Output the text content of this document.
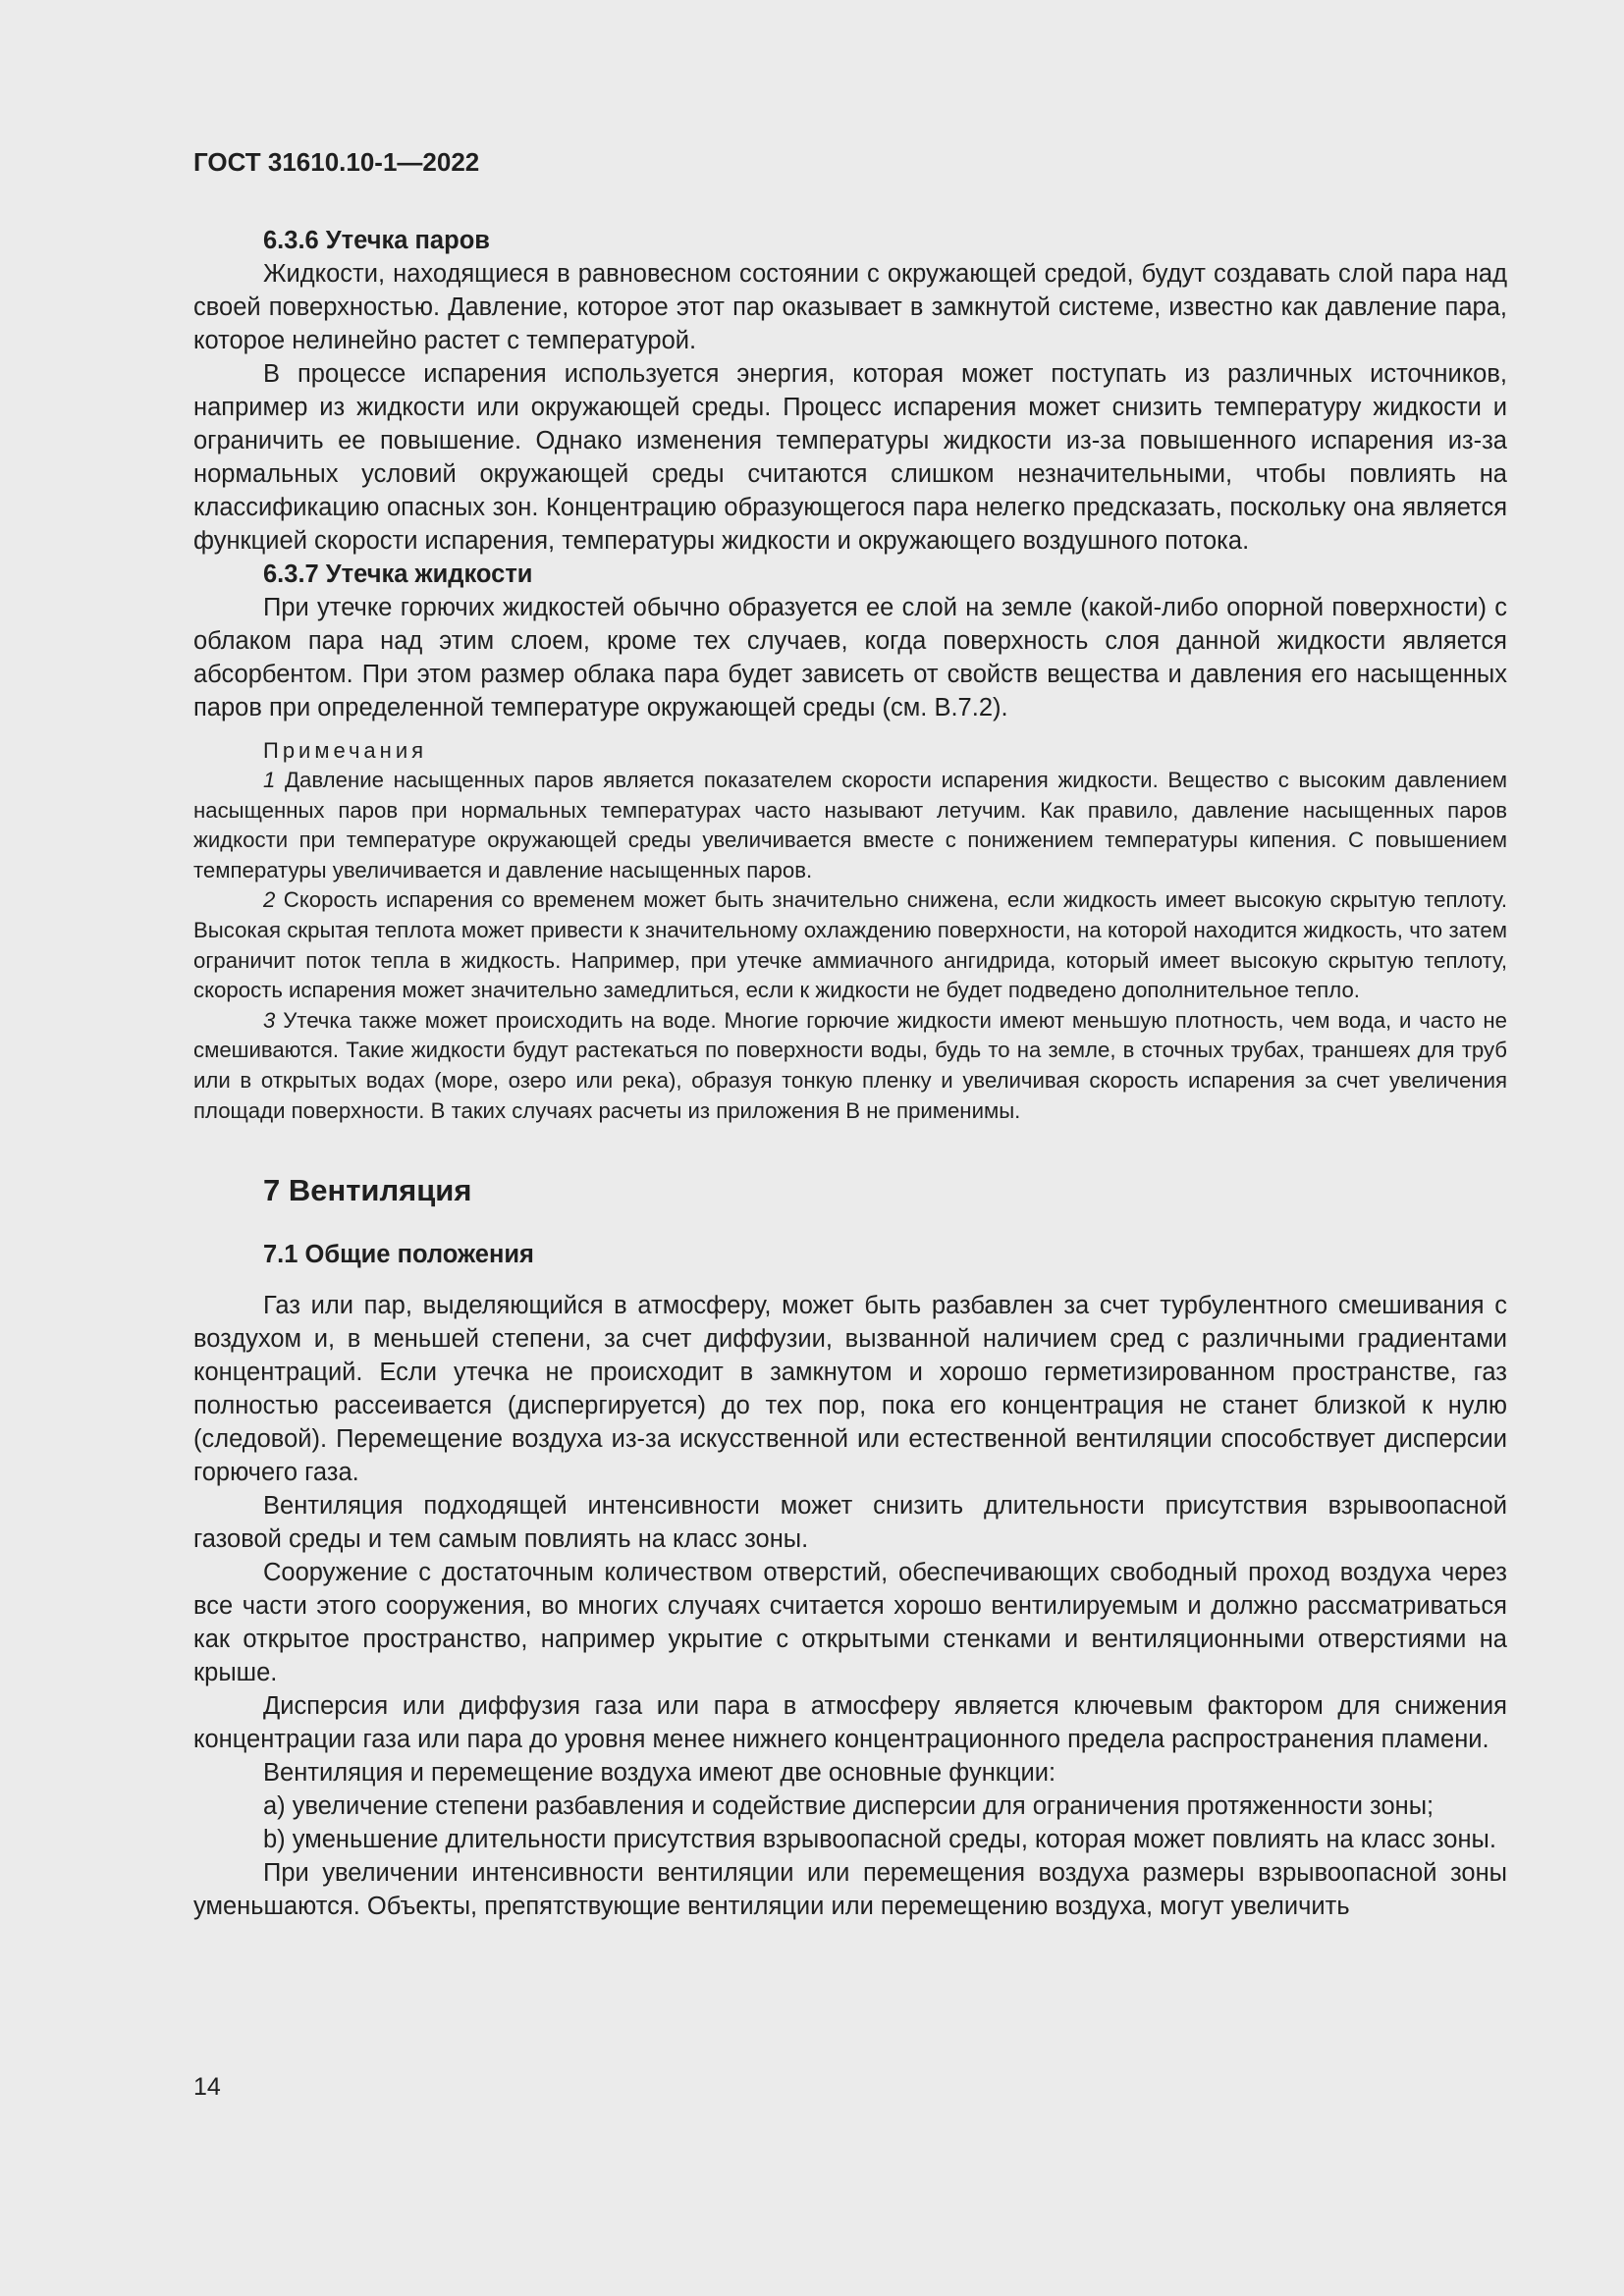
ГОСТ 31610.10-1—2022

6.3.6 Утечка паров

Жидкости, находящиеся в равновесном состоянии с окружающей средой, будут создавать слой пара над своей поверхностью. Давление, которое этот пар оказывает в замкнутой системе, известно как давление пара, которое нелинейно растет с температурой.

В процессе испарения используется энергия, которая может поступать из различных источников, например из жидкости или окружающей среды. Процесс испарения может снизить температуру жидкости и ограничить ее повышение. Однако изменения температуры жидкости из-за повышенного испарения из-за нормальных условий окружающей среды считаются слишком незначительными, чтобы повлиять на классификацию опасных зон. Концентрацию образующегося пара нелегко предсказать, поскольку она является функцией скорости испарения, температуры жидкости и окружающего воздушного потока.

6.3.7 Утечка жидкости

При утечке горючих жидкостей обычно образуется ее слой на земле (какой-либо опорной поверхности) с облаком пара над этим слоем, кроме тех случаев, когда поверхность слоя данной жидкости является абсорбентом. При этом размер облака пара будет зависеть от свойств вещества и давления его насыщенных паров при определенной температуре окружающей среды (см. В.7.2).

Примечания

1 Давление насыщенных паров является показателем скорости испарения жидкости. Вещество с высоким давлением насыщенных паров при нормальных температурах часто называют летучим. Как правило, давление насыщенных паров жидкости при температуре окружающей среды увеличивается вместе с понижением температуры кипения. С повышением температуры увеличивается и давление насыщенных паров.

2 Скорость испарения со временем может быть значительно снижена, если жидкость имеет высокую скрытую теплоту. Высокая скрытая теплота может привести к значительному охлаждению поверхности, на которой находится жидкость, что затем ограничит поток тепла в жидкость. Например, при утечке аммиачного ангидрида, который имеет высокую скрытую теплоту, скорость испарения может значительно замедлиться, если к жидкости не будет подведено дополнительное тепло.

3 Утечка также может происходить на воде. Многие горючие жидкости имеют меньшую плотность, чем вода, и часто не смешиваются. Такие жидкости будут растекаться по поверхности воды, будь то на земле, в сточных трубах, траншеях для труб или в открытых водах (море, озеро или река), образуя тонкую пленку и увеличивая скорость испарения за счет увеличения площади поверхности. В таких случаях расчеты из приложения В не применимы.

7 Вентиляция

7.1 Общие положения

Газ или пар, выделяющийся в атмосферу, может быть разбавлен за счет турбулентного смешивания с воздухом и, в меньшей степени, за счет диффузии, вызванной наличием сред с различными градиентами концентраций. Если утечка не происходит в замкнутом и хорошо герметизированном пространстве, газ полностью рассеивается (диспергируется) до тех пор, пока его концентрация не станет близкой к нулю (следовой). Перемещение воздуха из-за искусственной или естественной вентиляции способствует дисперсии горючего газа.

Вентиляция подходящей интенсивности может снизить длительности присутствия взрывоопасной газовой среды и тем самым повлиять на класс зоны.

Сооружение с достаточным количеством отверстий, обеспечивающих свободный проход воздуха через все части этого сооружения, во многих случаях считается хорошо вентилируемым и должно рассматриваться как открытое пространство, например укрытие с открытыми стенками и вентиляционными отверстиями на крыше.

Дисперсия или диффузия газа или пара в атмосферу является ключевым фактором для снижения концентрации газа или пара до уровня менее нижнего концентрационного предела распространения пламени.

Вентиляция и перемещение воздуха имеют две основные функции:

a) увеличение степени разбавления и содействие дисперсии для ограничения протяженности зоны;

b) уменьшение длительности присутствия взрывоопасной среды, которая может повлиять на класс зоны.

При увеличении интенсивности вентиляции или перемещения воздуха размеры взрывоопасной зоны уменьшаются. Объекты, препятствующие вентиляции или перемещению воздуха, могут увеличить

14
